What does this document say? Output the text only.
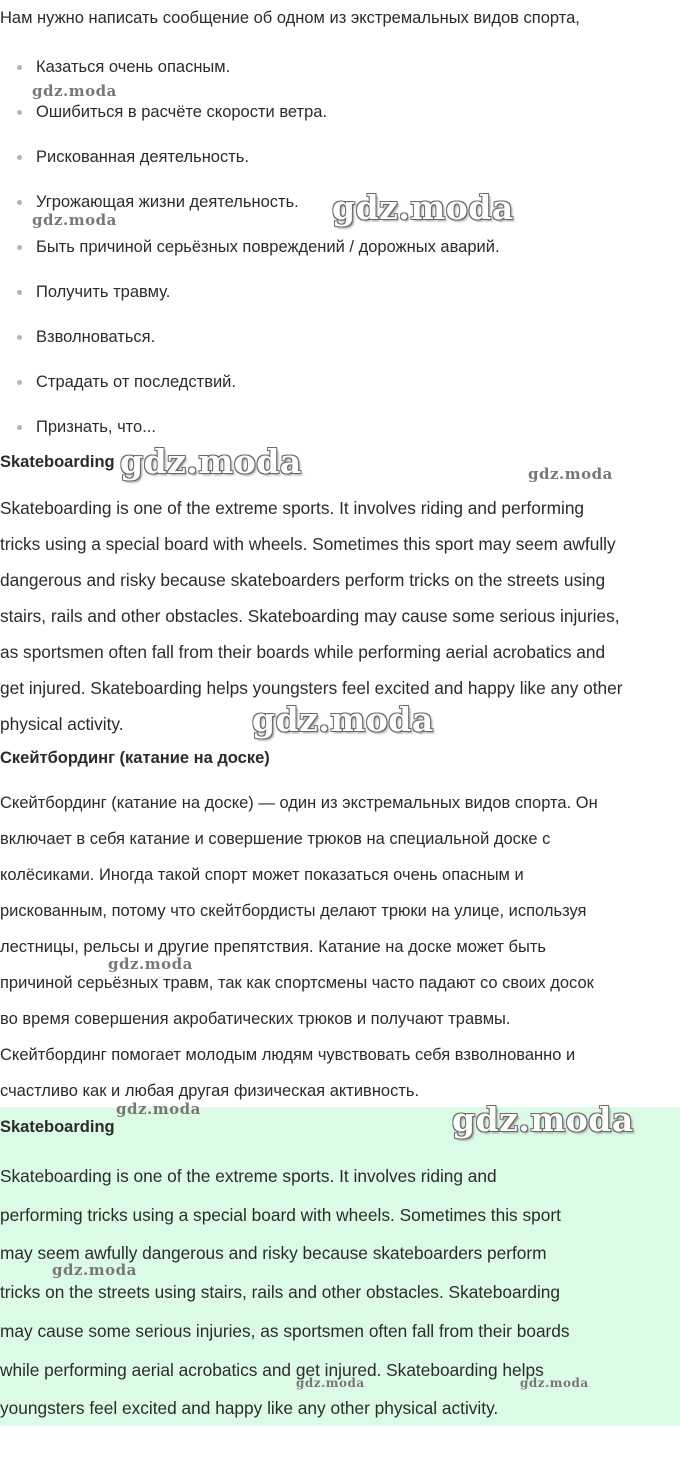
Нам нужно написать сообщение об одном из экстремальных видов спорта,

Казаться очень опасным.
Ошибиться в расчёте скорости ветра.
Рискованная деятельность.
Угрожающая жизни деятельность.
Быть причиной серьёзных повреждений / дорожных аварий.
Получить травму.
Взволноваться.
Страдать от последствий.
Признать, что...
Skateboarding
Skateboarding is one of the extreme sports. It involves riding and performing
tricks using a special board with wheels. Sometimes this sport may seem awfully
dangerous and risky because skateboarders perform tricks on the streets using
stairs, rails and other obstacles. Skateboarding may cause some serious injuries,
as sportsmen often fall from their boards while performing aerial acrobatics and
get injured. Skateboarding helps youngsters feel excited and happy like any other
physical activity.
Скейтбординг (катание на доске)
Скейтбординг (катание на доске) — один из экстремальных видов спорта. Он
включает в себя катание и совершение трюков на специальной доске с
колёсиками. Иногда такой спорт может показаться очень опасным и
рискованным, потому что скейтбордисты делают трюки на улице, используя
лестницы, рельсы и другие препятствия. Катание на доске может быть
причиной серьёзных травм, так как спортсмены часто падают со своих досок
во время совершения акробатических трюков и получают травмы.
Скейтбординг помогает молодым людям чувствовать себя взволнованно и
счастливо как и любая другая физическая активность.
Skateboarding
Skateboarding is one of the extreme sports. It involves riding and
performing tricks using a special board with wheels. Sometimes this sport
may seem awfully dangerous and risky because skateboarders perform
tricks on the streets using stairs, rails and other obstacles. Skateboarding
may cause some serious injuries, as sportsmen often fall from their boards
while performing aerial acrobatics and get injured. Skateboarding helps
youngsters feel excited and happy like any other physical activity.
gdz.moda
gdz.moda	gdz.moda
gdz.moda	gdz.moda
gdz.moda
gdz.moda
gdz.moda	gdz.moda
gdz.moda
gdz.moda	gdz.moda
